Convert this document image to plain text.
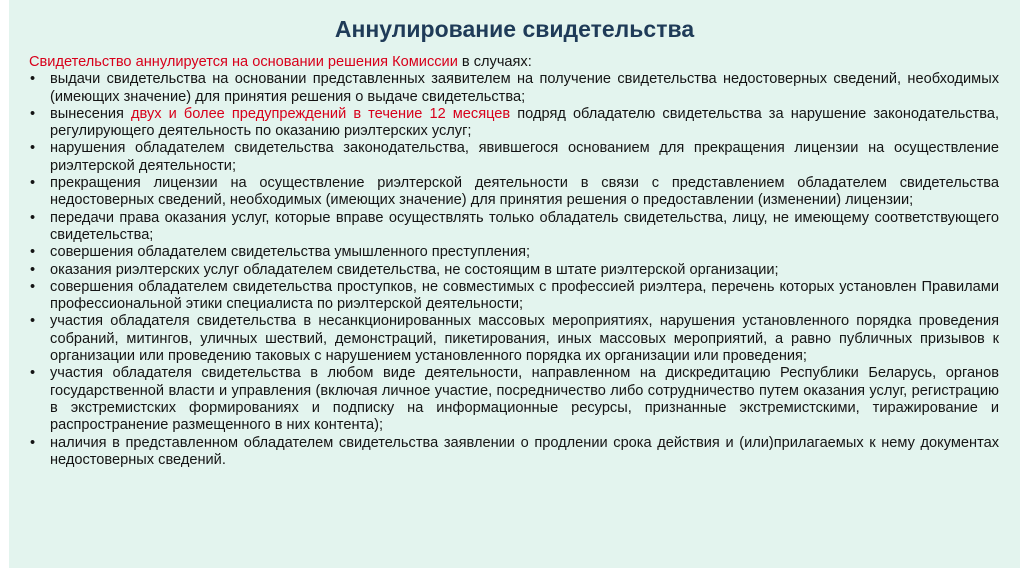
Аннулирование свидетельства

Свидетельство аннулируется на основании решения Комиссии в случаях:

• выдачи свидетельства на основании представленных заявителем на получение свидетельства недостоверных сведений, необходимых (имеющих значение) для принятия решения о выдаче свидетельства;
• вынесения двух и более предупреждений в течение 12 месяцев подряд обладателю свидетельства за нарушение законодательства, регулирующего деятельность по оказанию риэлтерских услуг;
• нарушения обладателем свидетельства законодательства, явившегося основанием для прекращения лицензии на осуществление риэлтерской деятельности;
• прекращения лицензии на осуществление риэлтерской деятельности в связи с представлением обладателем свидетельства недостоверных сведений, необходимых (имеющих значение) для принятия решения о предоставлении (изменении) лицензии;
• передачи права оказания услуг, которые вправе осуществлять только обладатель свидетельства, лицу, не имеющему соответствующего свидетельства;
• совершения обладателем свидетельства умышленного преступления;
• оказания риэлтерских услуг обладателем свидетельства, не состоящим в штате риэлтерской организации;
• совершения обладателем свидетельства проступков, не совместимых с профессией риэлтера, перечень которых установлен Правилами профессиональной этики специалиста по риэлтерской деятельности;
• участия обладателя свидетельства в несанкционированных массовых мероприятиях, нарушения установленного порядка проведения собраний, митингов, уличных шествий, демонстраций, пикетирования, иных массовых мероприятий, а равно публичных призывов к организации или проведению таковых с нарушением установленного порядка их организации или проведения;
• участия обладателя свидетельства в любом виде деятельности, направленном на дискредитацию Республики Беларусь, органов государственной власти и управления (включая личное участие, посредничество либо сотрудничество путем оказания услуг, регистрацию в экстремистских формированиях и подписку на информационные ресурсы, признанные экстремистскими, тиражирование и распространение размещенного в них контента);
• наличия в представленном обладателем свидетельства заявлении о продлении срока действия и (или)прилагаемых к нему документах недостоверных сведений.
